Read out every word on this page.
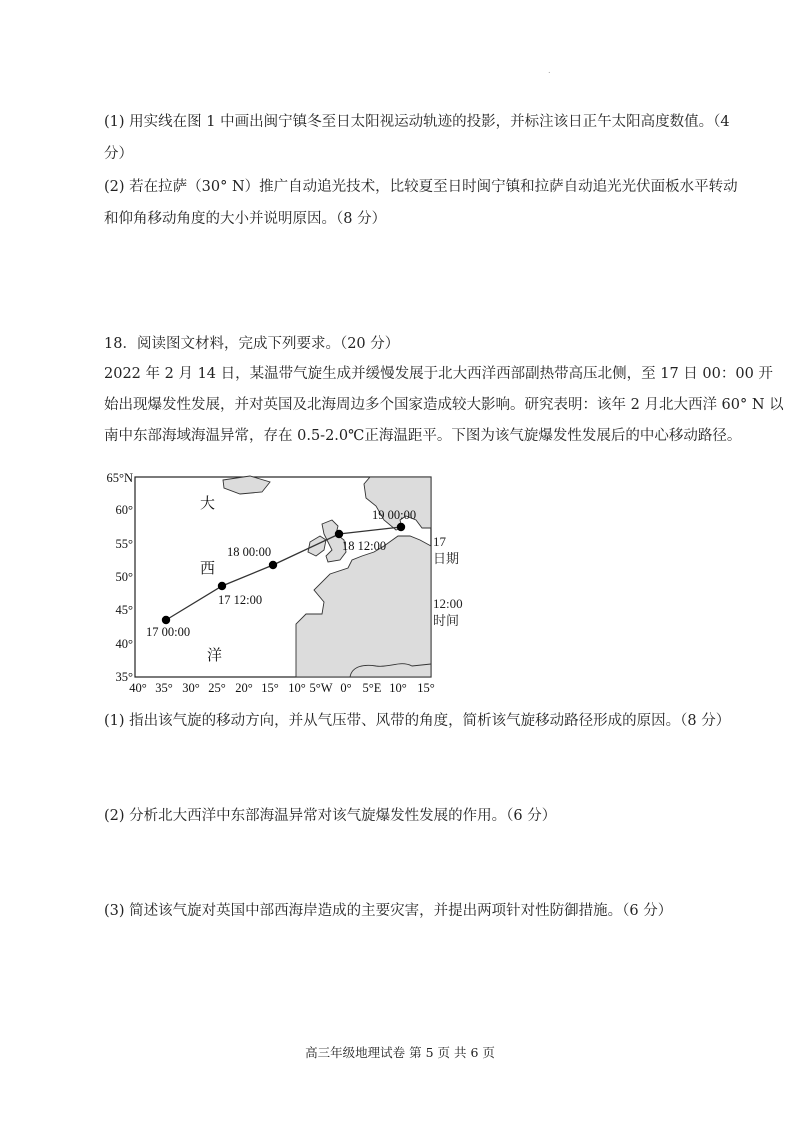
.

(1) 用实线在图 1 中画出闽宁镇冬至日太阳视运动轨迹的投影，并标注该日正午太阳高度数值。（4

分）

(2) 若在拉萨（30° N）推广自动追光技术，比较夏至日时闽宁镇和拉萨自动追光光伏面板水平转动

和仰角移动角度的大小并说明原因。（8 分）

18．阅读图文材料，完成下列要求。（20 分）

2022 年 2 月 14 日，某温带气旋生成并缓慢发展于北大西洋西部副热带高压北侧，至 17 日 00：00 开

始出现爆发性发展，并对英国及北海周边多个国家造成较大影响。研究表明：该年 2 月北大西洋 60° N 以

南中东部海域海温异常，存在 0.5-2.0℃正海温距平。下图为该气旋爆发性发展后的中心移动路径。

17 00:00
17 12:00
18 00:00	18 12:00
19 00:00
大
西
洋
65°N
60°
55°
50°
45°
40°
35°
40° 35° 30° 25° 20° 15° 10° 5°W 0° 5°E 10° 15°
17
日期
12:00
时间

(1) 指出该气旋的移动方向，并从气压带、风带的角度，简析该气旋移动路径形成的原因。（8 分）

(2) 分析北大西洋中东部海温异常对该气旋爆发性发展的作用。（6 分）

(3) 简述该气旋对英国中部西海岸造成的主要灾害，并提出两项针对性防御措施。（6 分）

高三年级地理试卷 第 5 页 共 6 页
